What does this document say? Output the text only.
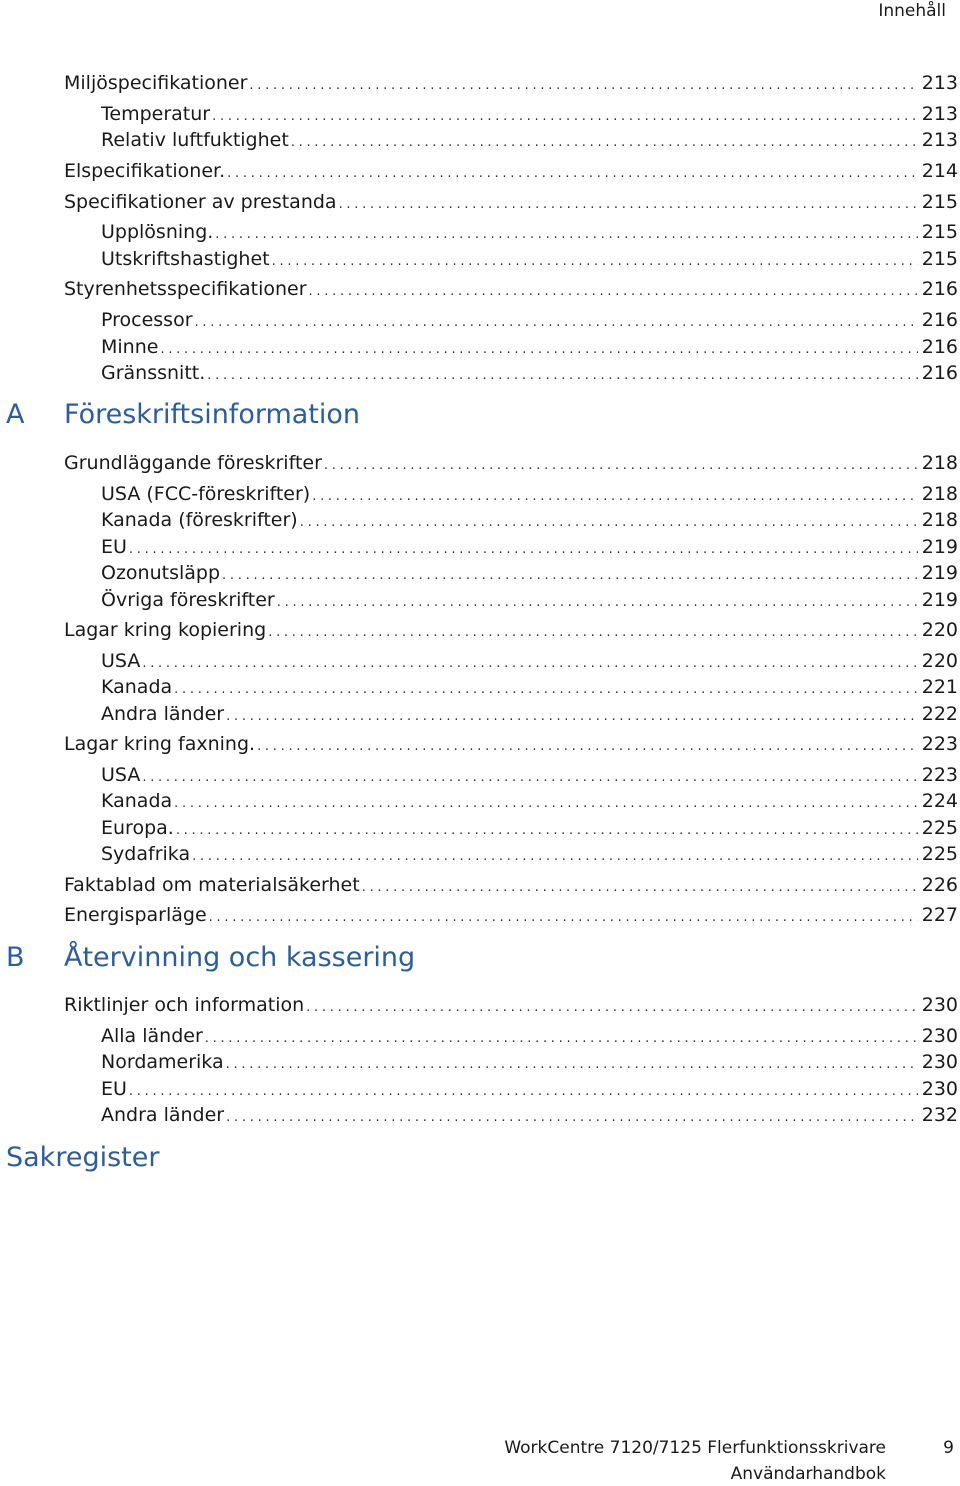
Innehåll
Miljöspecifikationer . . .	213
Temperatur . . .	213
Relativ luftfuktighet . . .	213
Elspecifikationer. . . .	214
Specifikationer av prestanda . . .	215
Upplösning. . . .	215
Utskriftshastighet . . .	215
Styrenhetsspecifikationer . . .	216
Processor . . .	216
Minne . . .	216
Gränssnitt. . . .	216
A Föreskriftsinformation
Grundläggande föreskrifter . . .	218
USA (FCC-föreskrifter) . . .	218
Kanada (föreskrifter) . . .	218
EU . . .	219
Ozonutsläpp . . .	219
Övriga föreskrifter . . .	219
Lagar kring kopiering . . .	220
USA . . .	220
Kanada . . .	221
Andra länder . . .	222
Lagar kring faxning. . . .	223
USA . . .	223
Kanada . . .	224
Europa. . . .	225
Sydafrika . . .	225
Faktablad om materialsäkerhet . . .	226
Energisparläge . . .	227
B Återvinning och kassering
Riktlinjer och information . . .	230
Alla länder . . .	230
Nordamerika . . .	230
EU . . .	230
Andra länder . . .	232
Sakregister
WorkCentre 7120/7125 Flerfunktionsskrivare
Användarhandbok
9
